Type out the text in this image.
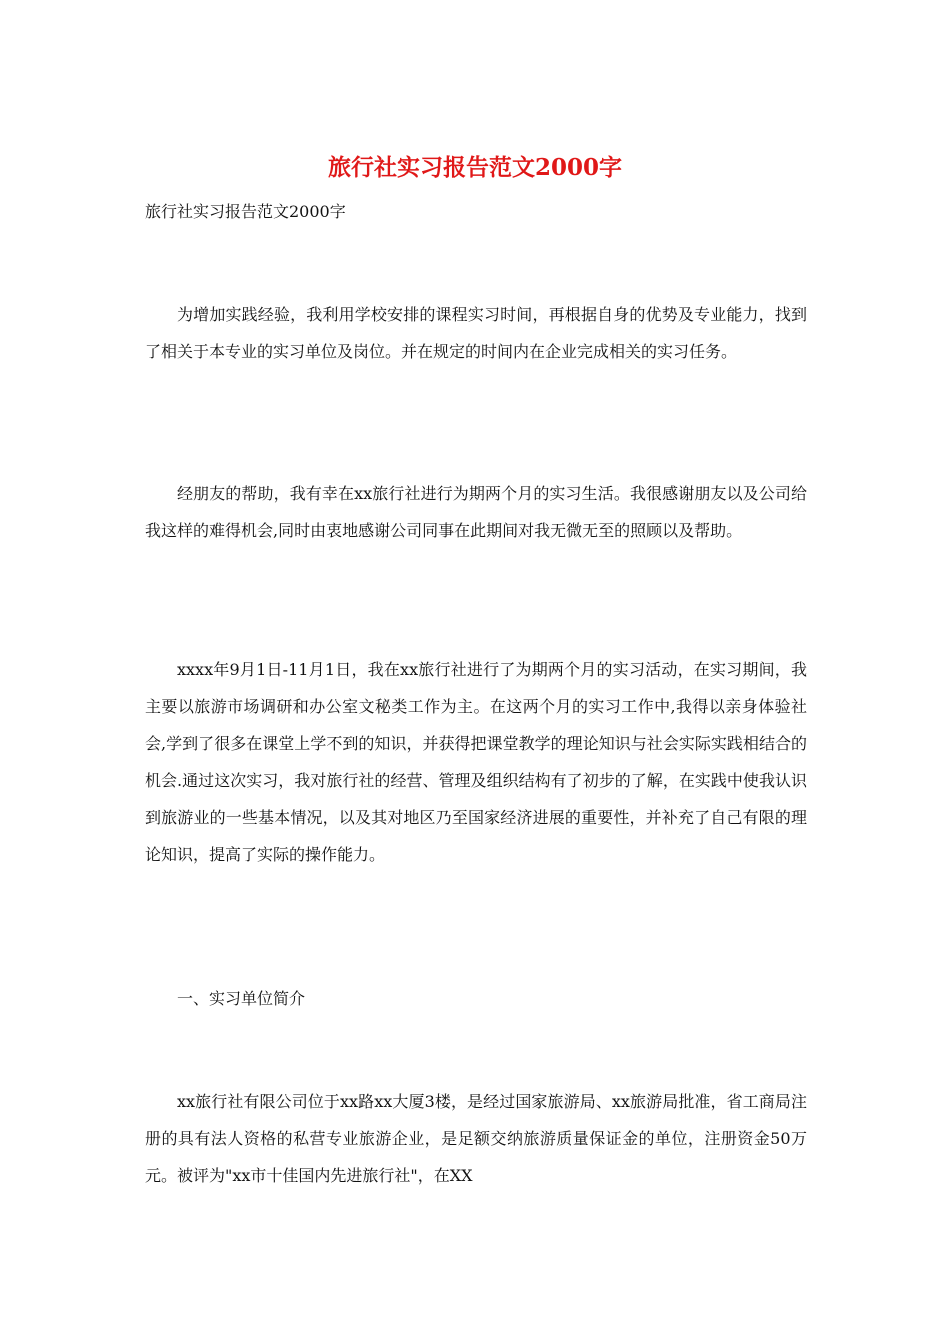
旅行社实习报告范文2000字

旅行社实习报告范文2000字

为增加实践经验，我利用学校安排的课程实习时间，再根据自身的优势及专业能力，找到了相关于本专业的实习单位及岗位。并在规定的时间内在企业完成相关的实习任务。

经朋友的帮助，我有幸在xx旅行社进行为期两个月的实习生活。我很感谢朋友以及公司给我这样的难得机会,同时由衷地感谢公司同事在此期间对我无微无至的照顾以及帮助。

xxxx年9月1日-11月1日，我在xx旅行社进行了为期两个月的实习活动，在实习期间，我主要以旅游市场调研和办公室文秘类工作为主。在这两个月的实习工作中,我得以亲身体验社会,学到了很多在课堂上学不到的知识，并获得把课堂教学的理论知识与社会实际实践相结合的机会.通过这次实习，我对旅行社的经营、管理及组织结构有了初步的了解，在实践中使我认识到旅游业的一些基本情况，以及其对地区乃至国家经济进展的重要性，并补充了自己有限的理论知识，提高了实际的操作能力。

一、实习单位简介

xx旅行社有限公司位于xx路xx大厦3楼，是经过国家旅游局、xx旅游局批准，省工商局注册的具有法人资格的私营专业旅游企业，是足额交纳旅游质量保证金的单位，注册资金50万元。被评为"xx市十佳国内先进旅行社"，在XX
